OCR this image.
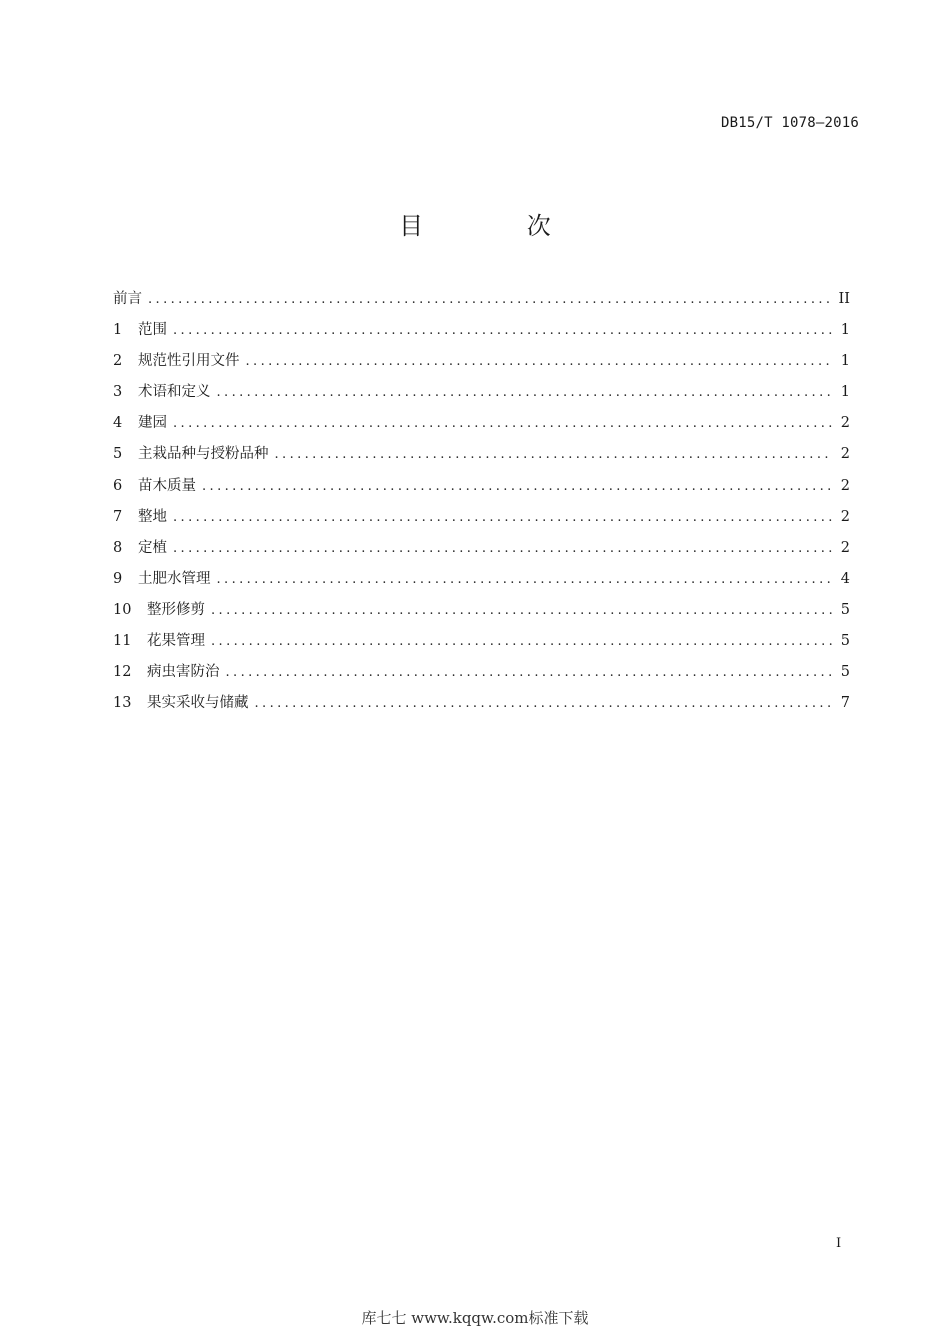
DB15/T 1078—2016
目 次
前言 .....	II
1	范围 .....	1
2	规范性引用文件 .....	1
3	术语和定义 .....	1
4	建园 .....	2
5	主栽品种与授粉品种 .....	2
6	苗木质量 .....	2
7	整地 .....	2
8	定植 .....	2
9	土肥水管理 .....	4
10	整形修剪 .....	5
11	花果管理 .....	5
12	病虫害防治 .....	5
13	果实采收与储藏 .....	7
I
库七七 www.kqqw.com标准下载
